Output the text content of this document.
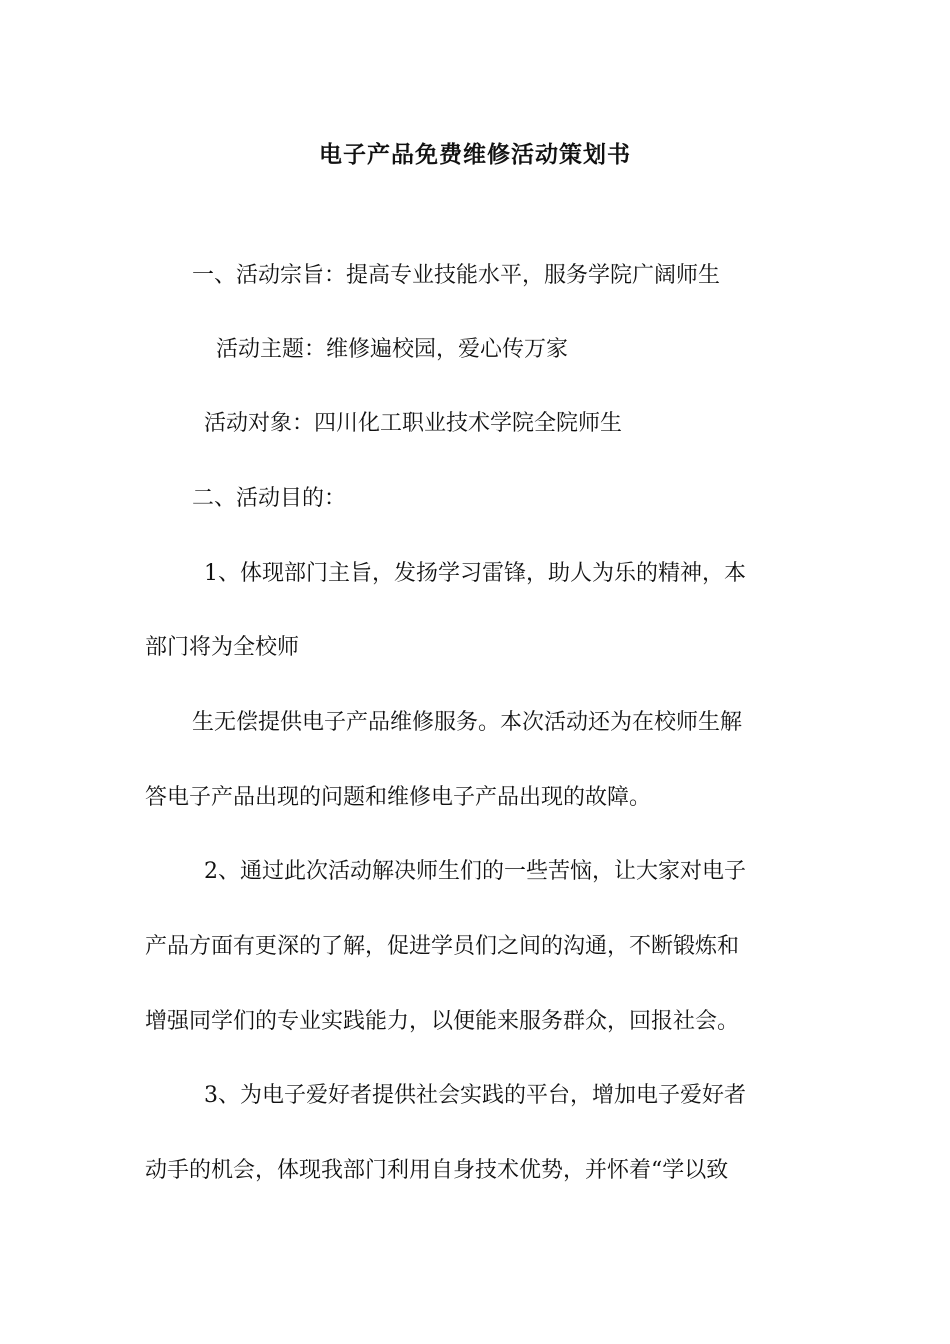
电子产品免费维修活动策划书
一、活动宗旨：提高专业技能水平，服务学院广阔师生
活动主题：维修遍校园，爱心传万家
活动对象：四川化工职业技术学院全院师生
二、活动目的：
1、体现部门主旨，发扬学习雷锋，助人为乐的精神，本
部门将为全校师
生无偿提供电子产品维修服务。本次活动还为在校师生解
答电子产品出现的问题和维修电子产品出现的故障。
2、通过此次活动解决师生们的一些苦恼，让大家对电子
产品方面有更深的了解，促进学员们之间的沟通，不断锻炼和
增强同学们的专业实践能力，以便能来服务群众，回报社会。
3、为电子爱好者提供社会实践的平台，增加电子爱好者
动手的机会，体现我部门利用自身技术优势，并怀着“学以致
